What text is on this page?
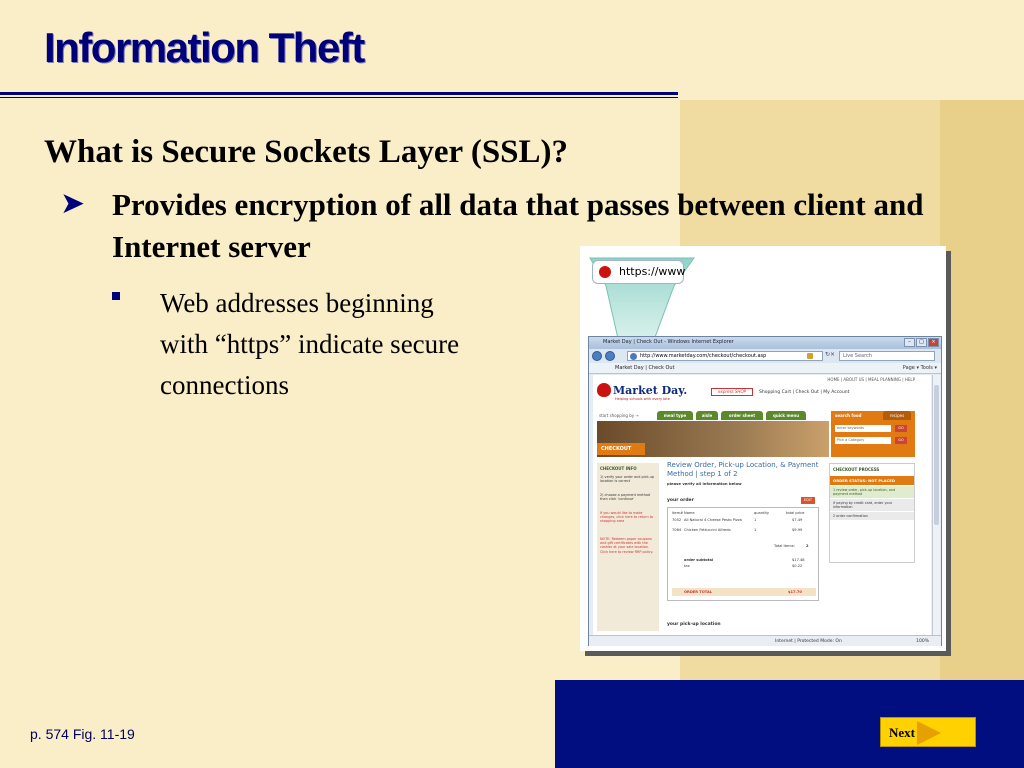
Information Theft
What is Secure Sockets Layer (SSL)?
➤ Provides encryption of all data that passes between client and Internet server
Web addresses beginning with “https” indicate secure connections
https://www
Market Day | Check Out - Windows Internet Explorer	– □ ×
http://www.marketday.com/checkout/checkout.asp	↻×	Live Search
Market Day | Check Out	Page ▾ Tools ▾
HOME | ABOUT US | MEAL PLANNING | HELP
Market Day.
Helping schools with every bite
express SHOP	Shopping Cart | Check Out | My Account
start shopping by →	meal type	aisle	order sheet	quick menu
CHECKOUT
search food	recipes
enter keywords	GO
Pick a Category	GO
CHECKOUT INFO
1) verify your order and pick-up location is correct
2) choose a payment method then click ‘continue’
If you would like to make changes, click here to return to shopping area
NOTE: Redeem paper coupons and gift certificates with the cashier at your sale location. Click here to review RRP policy.
Review Order, Pick-up Location, & Payment Method | step 1 of 2
please verify all information below
your order	EDIT
item# Name	quantity	total price
7052 All Natural 4 Cheese Pesto Pizza	1	$7.49
7064 Chicken Fettuccini Alfredo	1	$9.99
Total Items:	2
order subtotal	$17.48
tax	$0.22
ORDER TOTAL	$17.70
your pick-up location
CHECKOUT PROCESS
ORDER STATUS: NOT PLACED
1 review order, pick-up location, and payment method
if paying by credit card, enter your information
2 order confirmation
Internet | Protected Mode: On	100%
p. 574 Fig. 11-19	Next
